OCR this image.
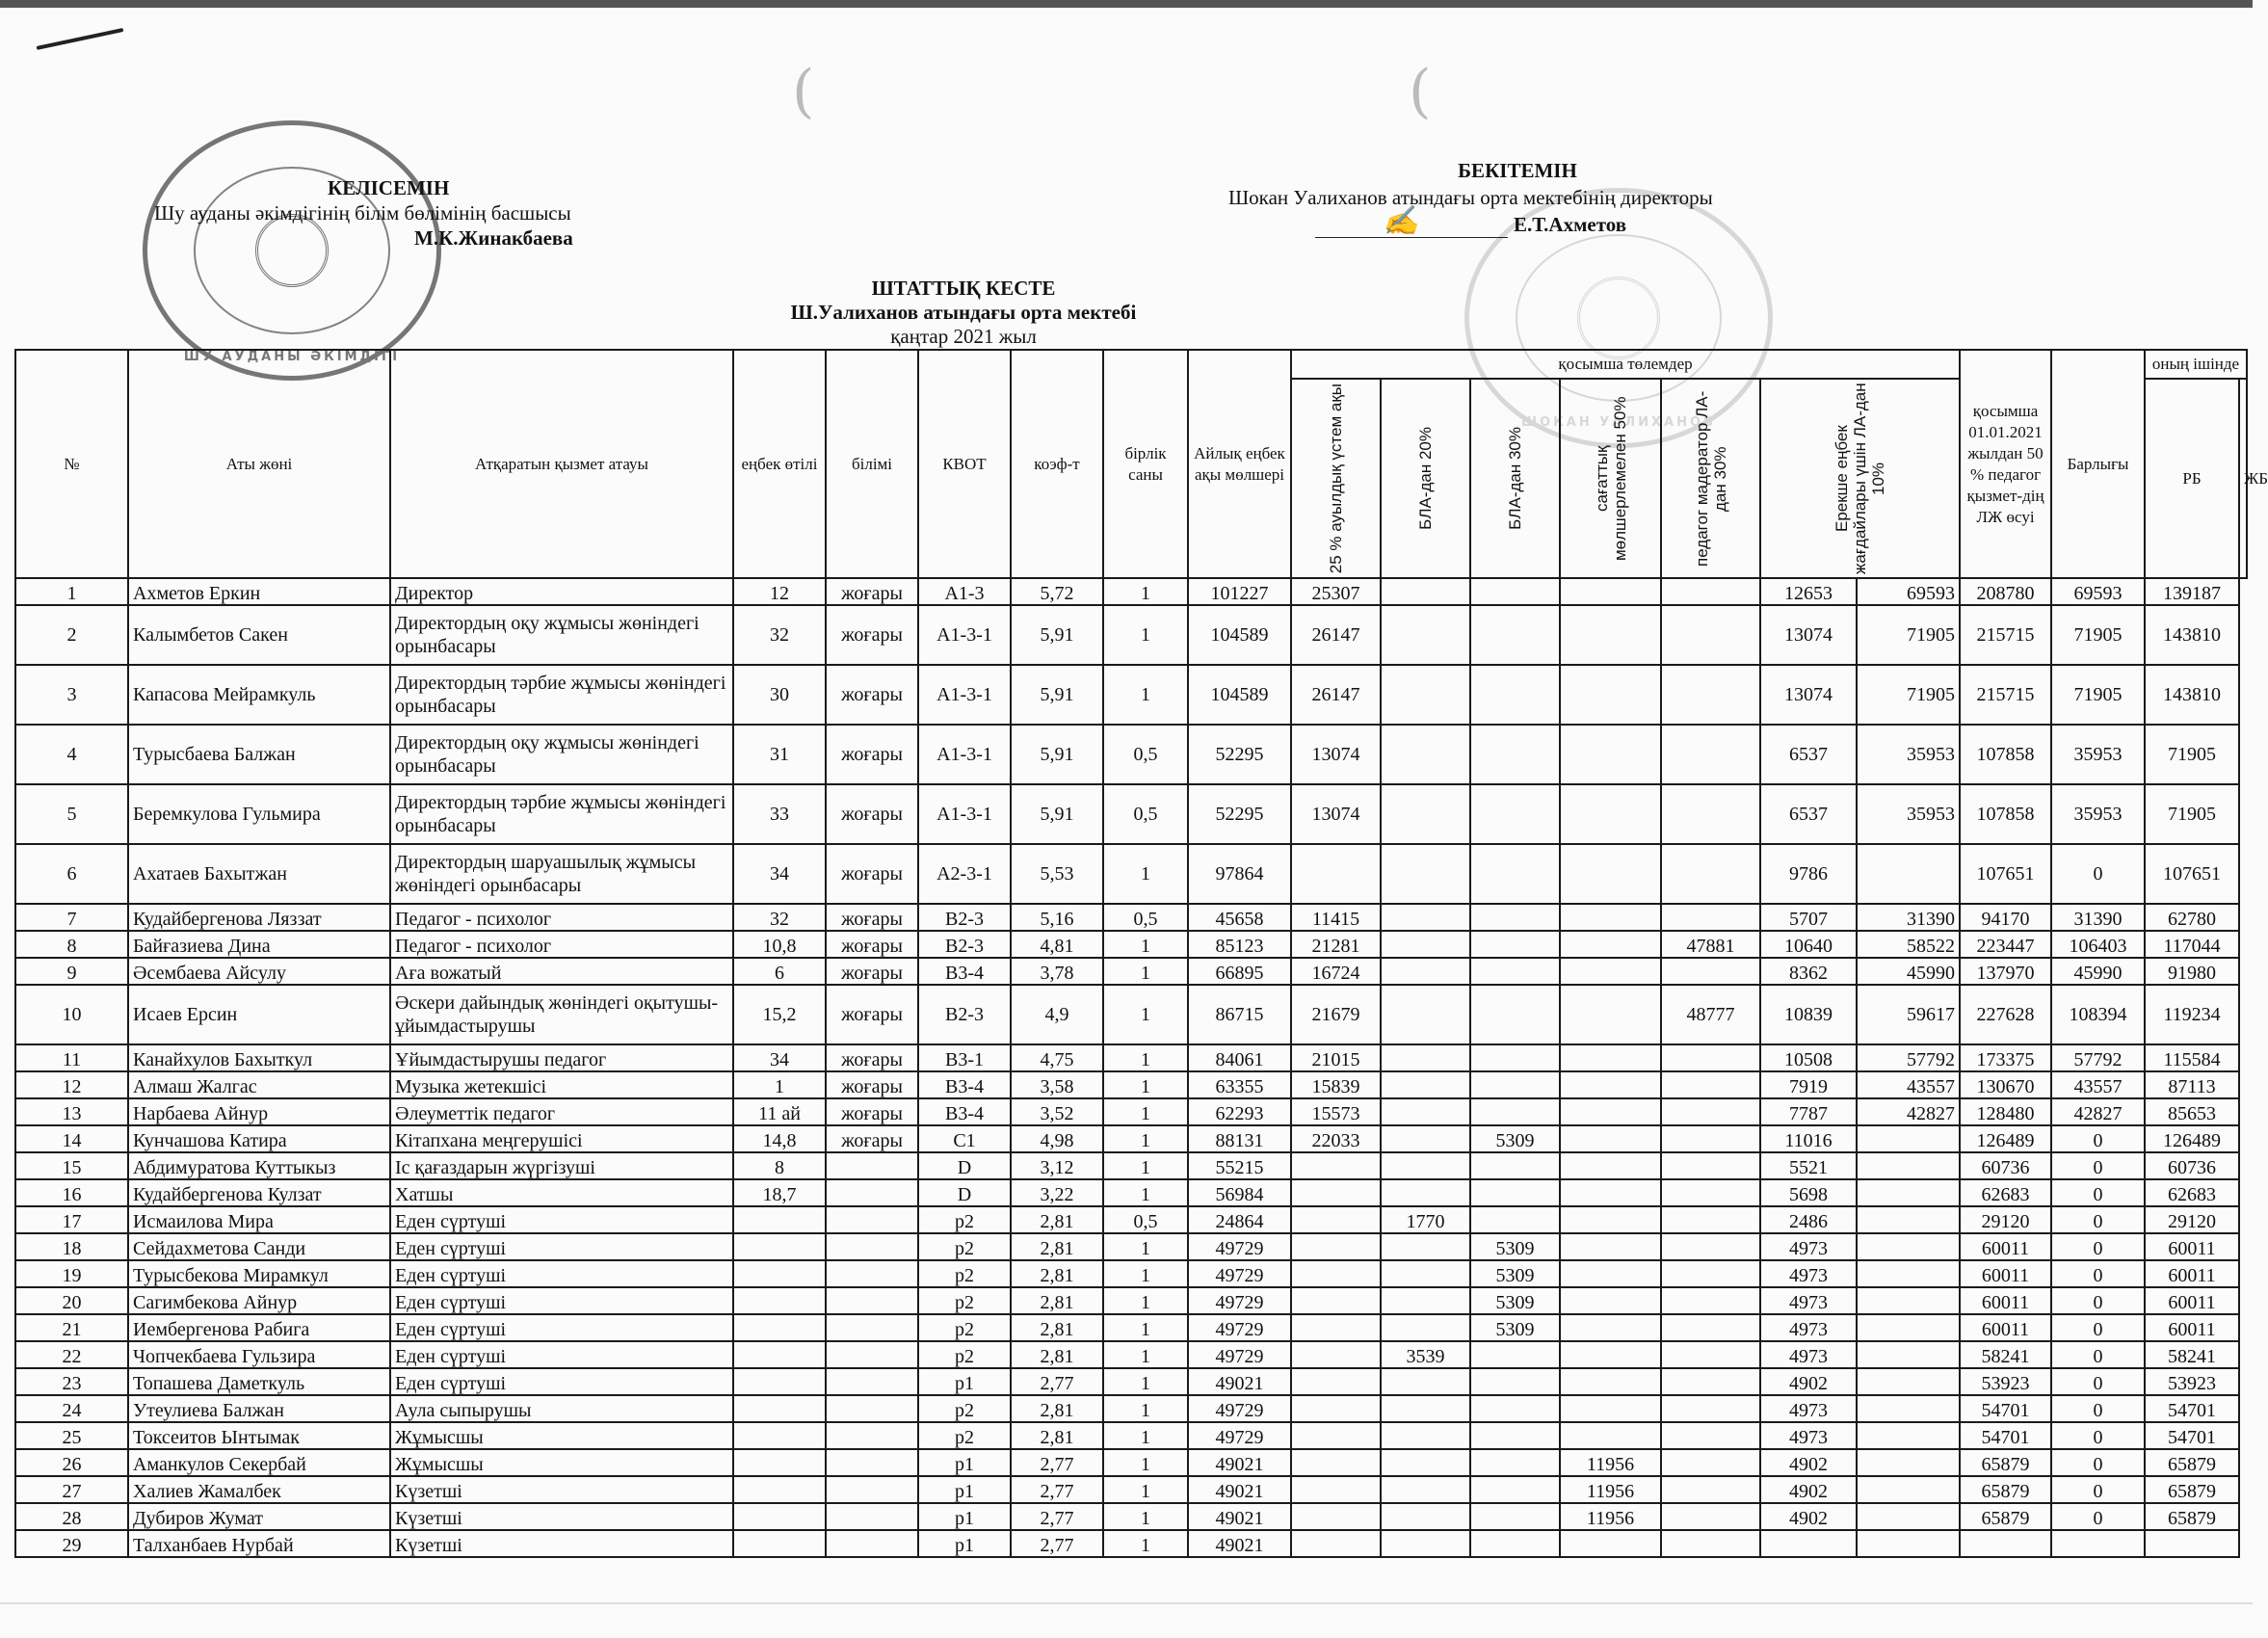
(	(
ШУ АУДАНЫ ӘКІМДІГІ
ШОКАН УАЛИХАНОВ
КЕЛІСЕМІН
Шу ауданы әкімдігінің білім бөлімінің басшысы
М.К.Жинакбаева
БЕКІТЕМІН
Шокан Уалиханов атындағы орта мектебінің директоры
✍	Е.Т.Ахметов
ШТАТТЫҚ КЕСТЕ
Ш.Уалиханов атындағы орта мектебі
қаңтар 2021 жыл
№	Аты жөні	Атқаратын қызмет атауы	еңбек өтілі	білімі	КВОТ	коэф-т	бірлік саны	Айлық еңбек ақы мөлшері	қосымша төлемдер							қосымша 01.01.2021 жылдан 50 % педагог қызмет-дің ЛЖ өсуі	Барлығы	оның ішінде	

									25 % ауылдық үстем ақы	БЛА-дан 20%	БЛА-дан 30%	сағаттық мөлшерлемелен 50%	педагог мадератор ЛА-дан 30%	Ерекше еңбек жағдайлары үшін ЛА-дан 10%				РБ	ЖБ
1	Ахметов Еркин	Директор	12	жоғары	A1-3	5,72	1	101227	25307					12653	69593	208780	69593	139187	
2	Калымбетов Сакен	Директордың оқу жұмысы жөніндегі орынбасары	32	жоғары	A1-3-1	5,91	1	104589	26147					13074	71905	215715	71905	143810	
3	Капасова Мейрамкуль	Директордың тәрбие жұмысы жөніндегі орынбасары	30	жоғары	A1-3-1	5,91	1	104589	26147					13074	71905	215715	71905	143810	
4	Турысбаева Балжан	Директордың оқу жұмысы жөніндегі орынбасары	31	жоғары	A1-3-1	5,91	0,5	52295	13074					6537	35953	107858	35953	71905	
5	Беремкулова Гульмира	Директордың тәрбие жұмысы жөніндегі орынбасары	33	жоғары	A1-3-1	5,91	0,5	52295	13074					6537	35953	107858	35953	71905	
6	Ахатаев Бахытжан	Директордың шаруашылық жұмысы жөніндегі орынбасары	34	жоғары	A2-3-1	5,53	1	97864						9786		107651	0	107651	
7	Кудайбергенова Ляззат	Педагог - психолог	32	жоғары	B2-3	5,16	0,5	45658	11415					5707	31390	94170	31390	62780	
8	Байғазиева Дина	Педагог - психолог	10,8	жоғары	B2-3	4,81	1	85123	21281				47881	10640	58522	223447	106403	117044	
9	Әсембаева Айсулу	Аға вожатый	6	жоғары	B3-4	3,78	1	66895	16724					8362	45990	137970	45990	91980	
10	Исаев Ерсин	Әскери дайындық жөніндегі оқытушы-ұйымдастырушы	15,2	жоғары	B2-3	4,9	1	86715	21679				48777	10839	59617	227628	108394	119234	
11	Канайхулов Бахыткул	Ұйымдастырушы педагог	34	жоғары	B3-1	4,75	1	84061	21015					10508	57792	173375	57792	115584	
12	Алмаш Жалгас	Музыка жетекшісі	1	жоғары	B3-4	3,58	1	63355	15839					7919	43557	130670	43557	87113	
13	Нарбаева Айнур	Әлеуметтік педагог	11 ай	жоғары	B3-4	3,52	1	62293	15573					7787	42827	128480	42827	85653	
14	Кунчашова Катира	Кітапхана меңгерушісі	14,8	жоғары	C1	4,98	1	88131	22033		5309			11016		126489	0	126489	
15	Абдимуратова Куттыкыз	Іс қағаздарын жүргізуші	8		D	3,12	1	55215						5521		60736	0	60736	
16	Кудайбергенова Кулзат	Хатшы	18,7		D	3,22	1	56984						5698		62683	0	62683	
17	Исмаилова Мира	Еден сүртуші			p2	2,81	0,5	24864		1770				2486		29120	0	29120	
18	Сейдахметова Санди	Еден сүртуші			p2	2,81	1	49729			5309			4973		60011	0	60011	
19	Турысбекова Мирамкул	Еден сүртуші			p2	2,81	1	49729			5309			4973		60011	0	60011	
20	Сагимбекова Айнур	Еден сүртуші			p2	2,81	1	49729			5309			4973		60011	0	60011	
21	Иембергенова Рабига	Еден сүртуші			p2	2,81	1	49729			5309			4973		60011	0	60011	
22	Чопчекбаева Гульзира	Еден сүртуші			p2	2,81	1	49729		3539				4973		58241	0	58241	
23	Топашева Даметкуль	Еден сүртуші			p1	2,77	1	49021						4902		53923	0	53923	
24	Утеулиева Балжан	Аула сыпырушы			p2	2,81	1	49729						4973		54701	0	54701	
25	Токсеитов Ынтымак	Жұмысшы			p2	2,81	1	49729						4973		54701	0	54701	
26	Аманкулов Секербай	Жұмысшы			p1	2,77	1	49021				11956		4902		65879	0	65879	
27	Халиев Жамалбек	Күзетші			p1	2,77	1	49021				11956		4902		65879	0	65879	
28	Дубиров Жумат	Күзетші			p1	2,77	1	49021				11956		4902		65879	0	65879	
29	Талханбаев Нурбай	Күзетші			p1	2,77	1	49021											
